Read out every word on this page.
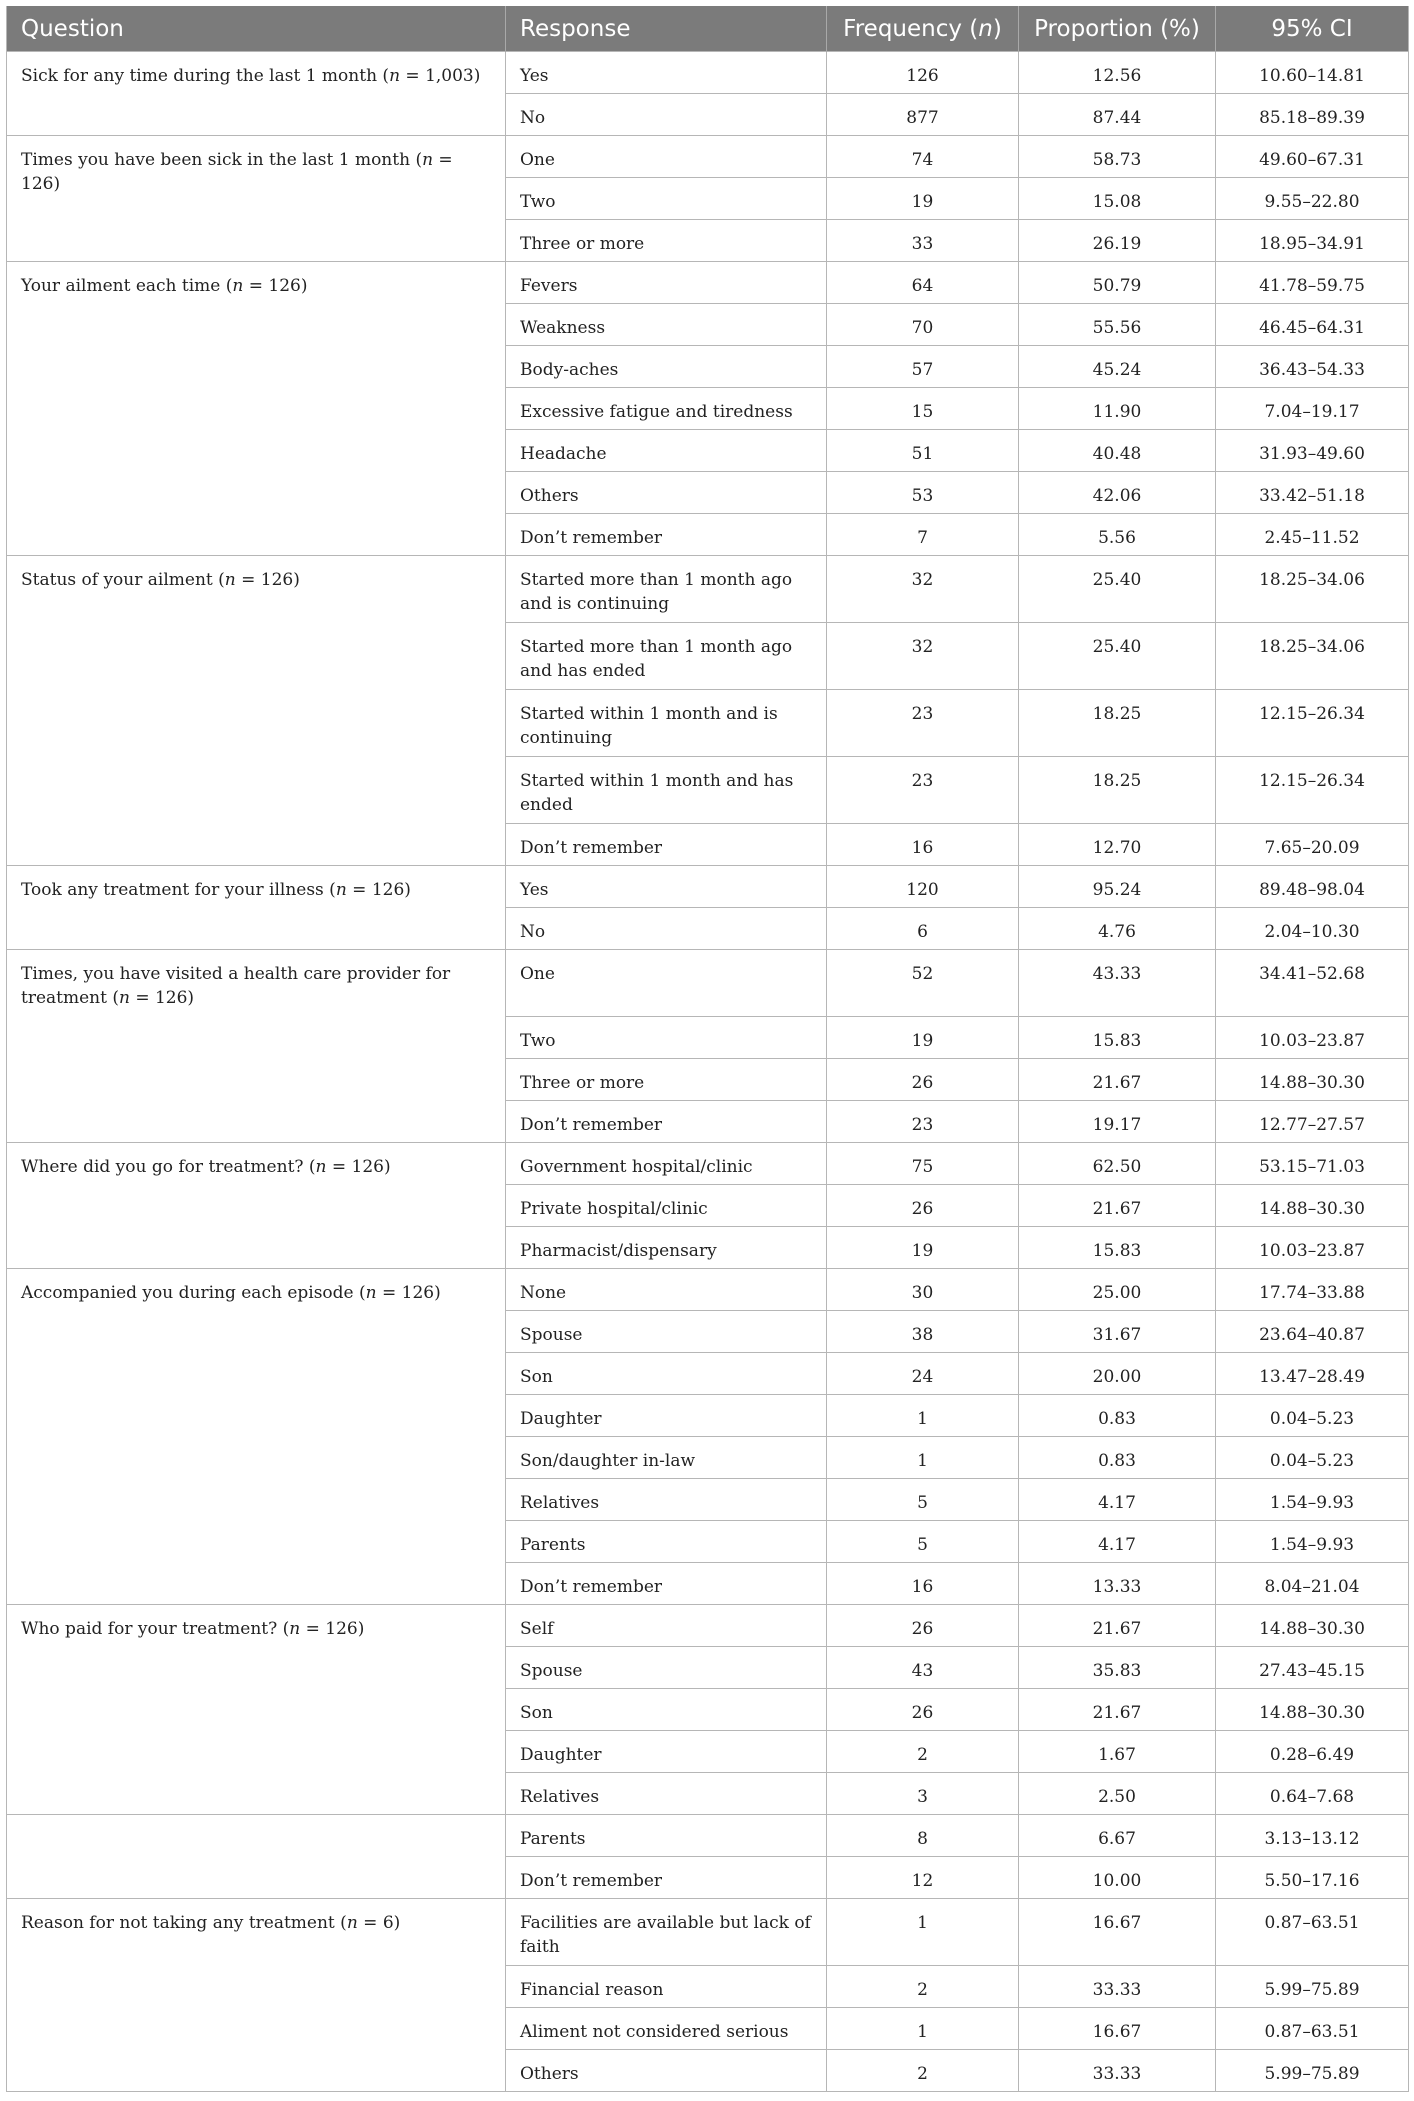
Question	Response	Frequency (n)	Proportion (%)	95% CI
Sick for any time during the last 1 month (n = 1,003)	Yes	126	12.56	10.60–14.81
	No	877	87.44	85.18–89.39
Times you have been sick in the last 1 month (n = 126)	One	74	58.73	49.60–67.31
	Two	19	15.08	9.55–22.80
	Three or more	33	26.19	18.95–34.91
Your ailment each time (n = 126)	Fevers	64	50.79	41.78–59.75
	Weakness	70	55.56	46.45–64.31
	Body-aches	57	45.24	36.43–54.33
	Excessive fatigue and tiredness	15	11.90	7.04–19.17
	Headache	51	40.48	31.93–49.60
	Others	53	42.06	33.42–51.18
	Don’t remember	7	5.56	2.45–11.52
Status of your ailment (n = 126)	Started more than 1 month ago and is continuing	32	25.40	18.25–34.06
	Started more than 1 month ago and has ended	32	25.40	18.25–34.06
	Started within 1 month and is continuing	23	18.25	12.15–26.34
	Started within 1 month and has ended	23	18.25	12.15–26.34
	Don’t remember	16	12.70	7.65–20.09
Took any treatment for your illness (n = 126)	Yes	120	95.24	89.48–98.04
	No	6	4.76	2.04–10.30
Times, you have visited a health care provider for treatment (n = 126)	One	52	43.33	34.41–52.68
	Two	19	15.83	10.03–23.87
	Three or more	26	21.67	14.88–30.30
	Don’t remember	23	19.17	12.77–27.57
Where did you go for treatment? (n = 126)	Government hospital/clinic	75	62.50	53.15–71.03
	Private hospital/clinic	26	21.67	14.88–30.30
	Pharmacist/dispensary	19	15.83	10.03–23.87
Accompanied you during each episode (n = 126)	None	30	25.00	17.74–33.88
	Spouse	38	31.67	23.64–40.87
	Son	24	20.00	13.47–28.49
	Daughter	1	0.83	0.04–5.23
	Son/daughter in-law	1	0.83	0.04–5.23
	Relatives	5	4.17	1.54–9.93
	Parents	5	4.17	1.54–9.93
	Don’t remember	16	13.33	8.04–21.04
Who paid for your treatment? (n = 126)	Self	26	21.67	14.88–30.30
	Spouse	43	35.83	27.43–45.15
	Son	26	21.67	14.88–30.30
	Daughter	2	1.67	0.28–6.49
	Relatives	3	2.50	0.64–7.68
	Parents	8	6.67	3.13–13.12
	Don’t remember	12	10.00	5.50–17.16
Reason for not taking any treatment (n = 6)	Facilities are available but lack of faith	1	16.67	0.87–63.51
	Financial reason	2	33.33	5.99–75.89
	Aliment not considered serious	1	16.67	0.87–63.51
	Others	2	33.33	5.99–75.89
